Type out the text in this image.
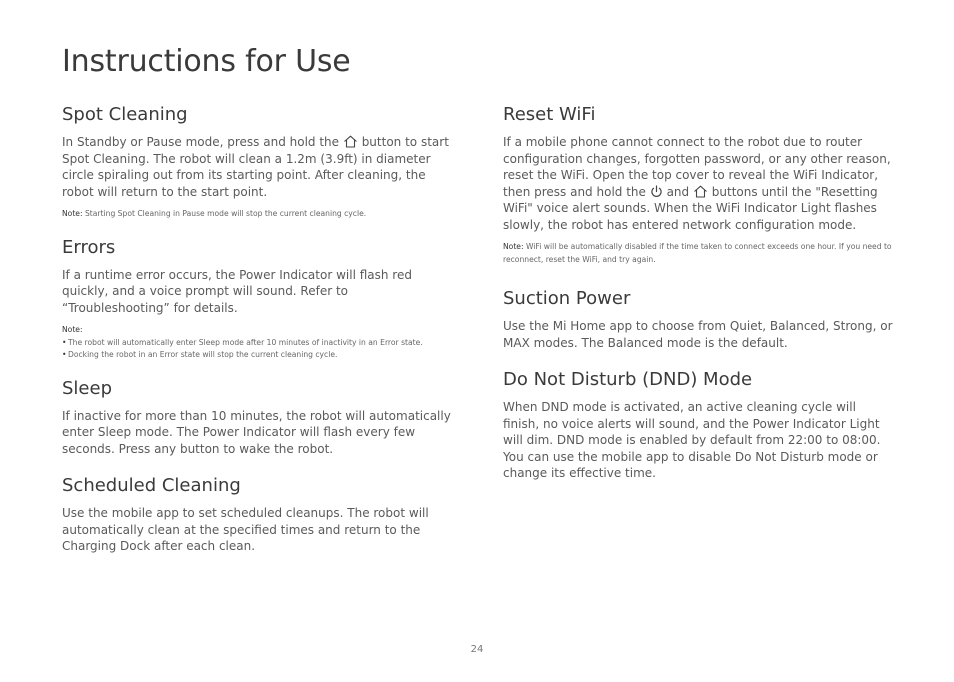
Instructions for Use
Spot Cleaning

In Standby or Pause mode, press and hold the button to start Spot Cleaning. The robot will clean a 1.2m (3.9ft) in diameter circle spiraling out from its starting point. After cleaning, the robot will return to the start point.

Note: Starting Spot Cleaning in Pause mode will stop the current cleaning cycle.
Errors

If a runtime error occurs, the Power Indicator will flash red quickly, and a voice prompt will sound. Refer to “Troubleshooting” for details.

Note:
• The robot will automatically enter Sleep mode after 10 minutes of inactivity in an Error state.
• Docking the robot in an Error state will stop the current cleaning cycle.
Sleep

If inactive for more than 10 minutes, the robot will automatically enter Sleep mode. The Power Indicator will flash every few seconds. Press any button to wake the robot.

Scheduled Cleaning

Use the mobile app to set scheduled cleanups. The robot will automatically clean at the specified times and return to the Charging Dock after each clean.

Reset WiFi

If a mobile phone cannot connect to the robot due to router configuration changes, forgotten password, or any other reason, reset the WiFi. Open the top cover to reveal the WiFi Indicator, then press and hold the and buttons until the "Resetting WiFi" voice alert sounds. When the WiFi Indicator Light flashes slowly, the robot has entered network configuration mode.

Note: WiFi will be automatically disabled if the time taken to connect exceeds one hour. If you need to reconnect, reset the WiFi, and try again.
Suction Power

Use the Mi Home app to choose from Quiet, Balanced, Strong, or MAX modes. The Balanced mode is the default.

Do Not Disturb (DND) Mode

When DND mode is activated, an active cleaning cycle will finish, no voice alerts will sound, and the Power Indicator Light will dim. DND mode is enabled by default from 22:00 to 08:00. You can use the mobile app to disable Do Not Disturb mode or change its effective time.

24
